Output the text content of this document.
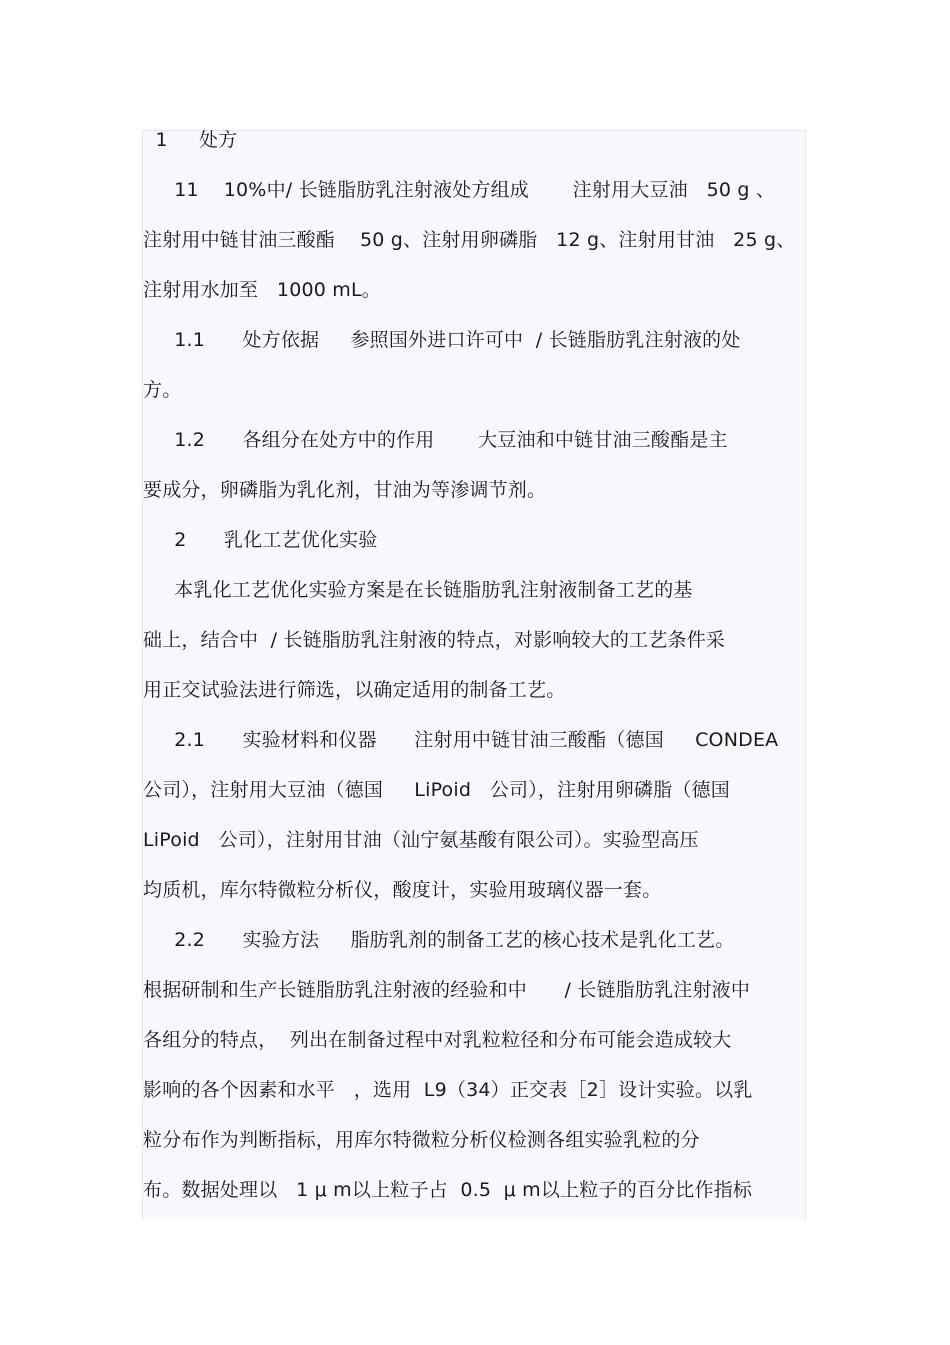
1     处方
11    10%中/ 长链脂肪乳注射液处方组成       注射用大豆油   50 g 、
注射用中链甘油三酸酯    50 g、注射用卵磷脂   12 g、注射用甘油   25 g、
注射用水加至   1000 mL。
1.1      处方依据     参照国外进口许可中  / 长链脂肪乳注射液的处
方。
1.2      各组分在处方中的作用       大豆油和中链甘油三酸酯是主
要成分，卵磷脂为乳化剂，甘油为等渗调节剂。
2      乳化工艺优化实验
本乳化工艺优化实验方案是在长链脂肪乳注射液制备工艺的基
础上，结合中  / 长链脂肪乳注射液的特点，对影响较大的工艺条件采
用正交试验法进行筛选，以确定适用的制备工艺。
2.1      实验材料和仪器      注射用中链甘油三酸酯（德国     CONDEA
公司），注射用大豆油（德国     LiPoid   公司），注射用卵磷脂（德国
LiPoid   公司），注射用甘油（汕宁氨基酸有限公司）。实验型高压
均质机，库尔特微粒分析仪，酸度计，实验用玻璃仪器一套。
2.2      实验方法     脂肪乳剂的制备工艺的核心技术是乳化工艺。
根据研制和生产长链脂肪乳注射液的经验和中      / 长链脂肪乳注射液中
各组分的特点，  列出在制备过程中对乳粒粒径和分布可能会造成较大
影响的各个因素和水平   ，选用  L9（34）正交表［2］设计实验。以乳
粒分布作为判断指标，用库尔特微粒分析仪检测各组实验乳粒的分
布。数据处理以   1 μ m以上粒子占  0.5  μ m以上粒子的百分比作指标
